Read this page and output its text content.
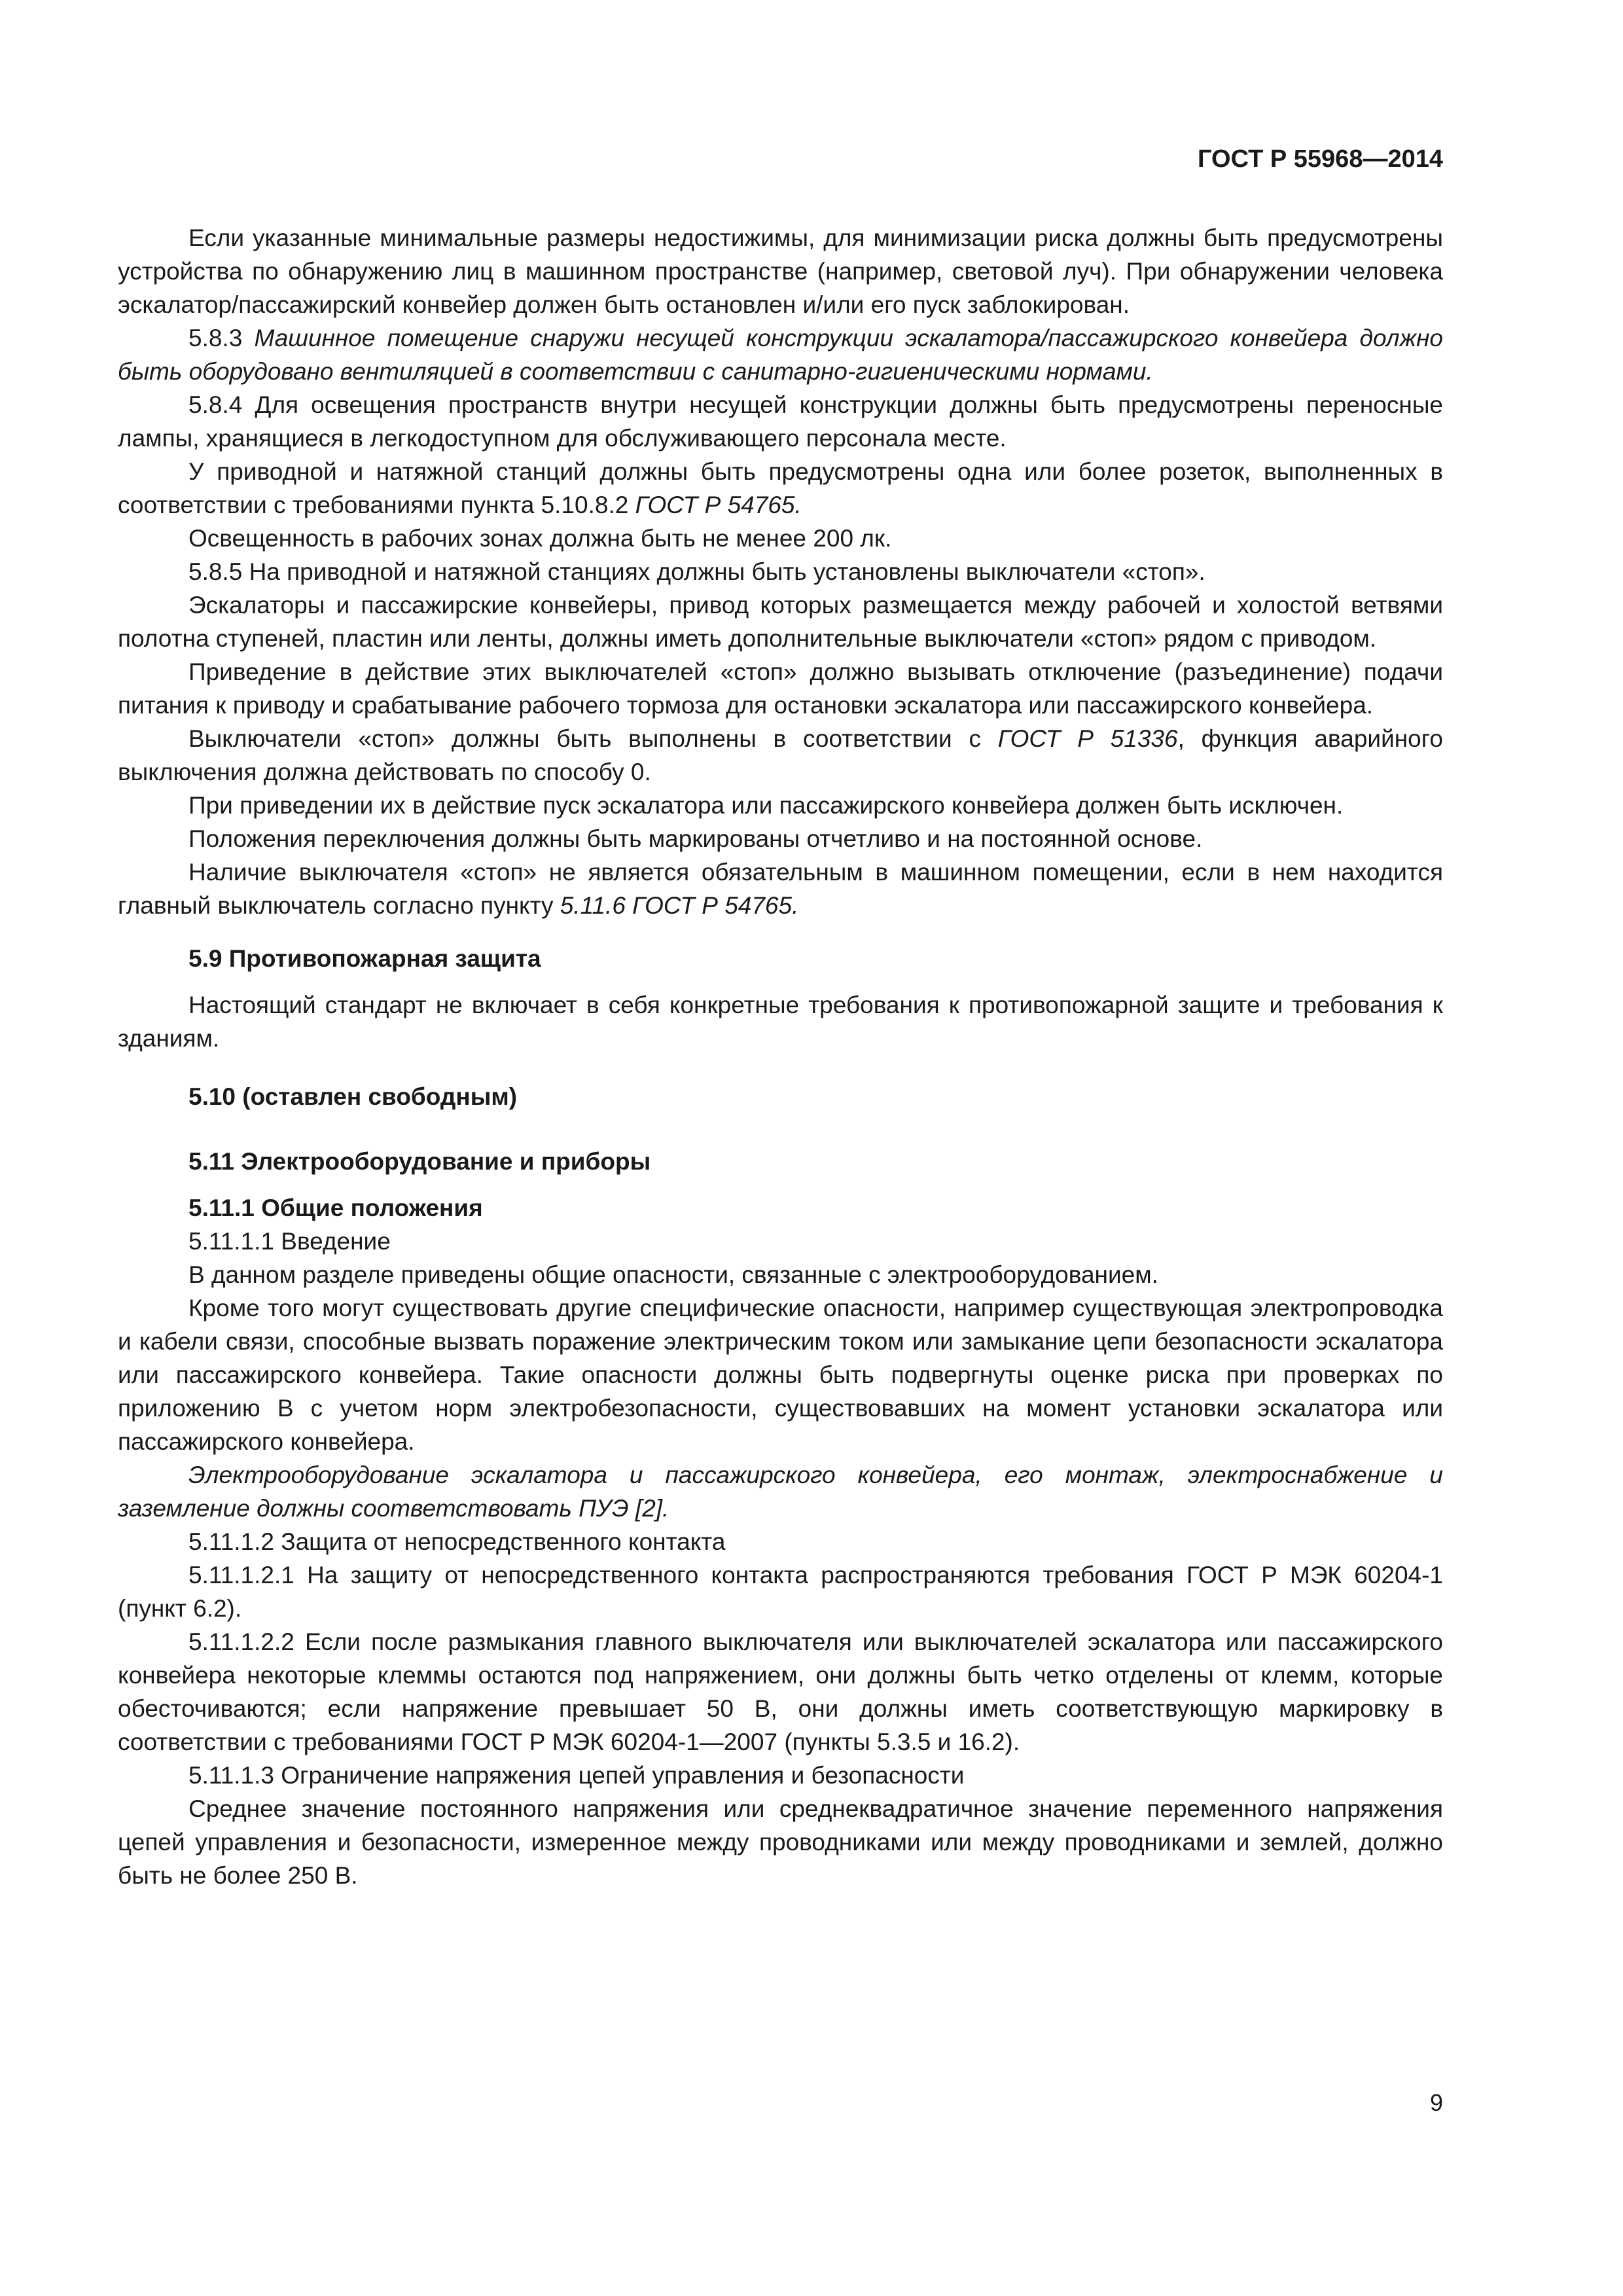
ГОСТ Р 55968—2014

Если указанные минимальные размеры недостижимы, для минимизации риска должны быть предусмотрены устройства по обнаружению лиц в машинном пространстве (например, световой луч). При обнаружении человека эскалатор/пассажирский конвейер должен быть остановлен и/или его пуск заблокирован.

5.8.3 Машинное помещение снаружи несущей конструкции эскалатора/пассажирского конвейера должно быть оборудовано вентиляцией в соответствии с санитарно-гигиеническими нормами.

5.8.4 Для освещения пространств внутри несущей конструкции должны быть предусмотрены переносные лампы, хранящиеся в легкодоступном для обслуживающего персонала месте.

У приводной и натяжной станций должны быть предусмотрены одна или более розеток, выполненных в соответствии с требованиями пункта 5.10.8.2 ГОСТ Р 54765.

Освещенность в рабочих зонах должна быть не менее 200 лк.

5.8.5 На приводной и натяжной станциях должны быть установлены выключатели «стоп».

Эскалаторы и пассажирские конвейеры, привод которых размещается между рабочей и холостой ветвями полотна ступеней, пластин или ленты, должны иметь дополнительные выключатели «стоп» рядом с приводом.

Приведение в действие этих выключателей «стоп» должно вызывать отключение (разъединение) подачи питания к приводу и срабатывание рабочего тормоза для остановки эскалатора или пассажирского конвейера.

Выключатели «стоп» должны быть выполнены в соответствии с ГОСТ Р 51336, функция аварийного выключения должна действовать по способу 0.

При приведении их в действие пуск эскалатора или пассажирского конвейера должен быть исключен.

Положения переключения должны быть маркированы отчетливо и на постоянной основе.

Наличие выключателя «стоп» не является обязательным в машинном помещении, если в нем находится главный выключатель согласно пункту 5.11.6 ГОСТ Р 54765.

5.9 Противопожарная защита

Настоящий стандарт не включает в себя конкретные требования к противопожарной защите и требования к зданиям.

5.10 (оставлен свободным)
5.11 Электрооборудование и приборы
5.11.1 Общие положения

5.11.1.1 Введение

В данном разделе приведены общие опасности, связанные с электрооборудованием.

Кроме того могут существовать другие специфические опасности, например существующая электропроводка и кабели связи, способные вызвать поражение электрическим током или замыкание цепи безопасности эскалатора или пассажирского конвейера. Такие опасности должны быть подвергнуты оценке риска при проверках по приложению В с учетом норм электробезопасности, существовавших на момент установки эскалатора или пассажирского конвейера.

Электрооборудование эскалатора и пассажирского конвейера, его монтаж, электроснабжение и заземление должны соответствовать ПУЭ [2].

5.11.1.2 Защита от непосредственного контакта

5.11.1.2.1 На защиту от непосредственного контакта распространяются требования ГОСТ Р МЭК 60204-1 (пункт 6.2).

5.11.1.2.2 Если после размыкания главного выключателя или выключателей эскалатора или пассажирского конвейера некоторые клеммы остаются под напряжением, они должны быть четко отделены от клемм, которые обесточиваются; если напряжение превышает 50 В, они должны иметь соответствующую маркировку в соответствии с требованиями ГОСТ Р МЭК 60204-1—2007 (пункты 5.3.5 и 16.2).

5.11.1.3 Ограничение напряжения цепей управления и безопасности

Среднее значение постоянного напряжения или среднеквадратичное значение переменного напряжения цепей управления и безопасности, измеренное между проводниками или между проводниками и землей, должно быть не более 250 В.

9
